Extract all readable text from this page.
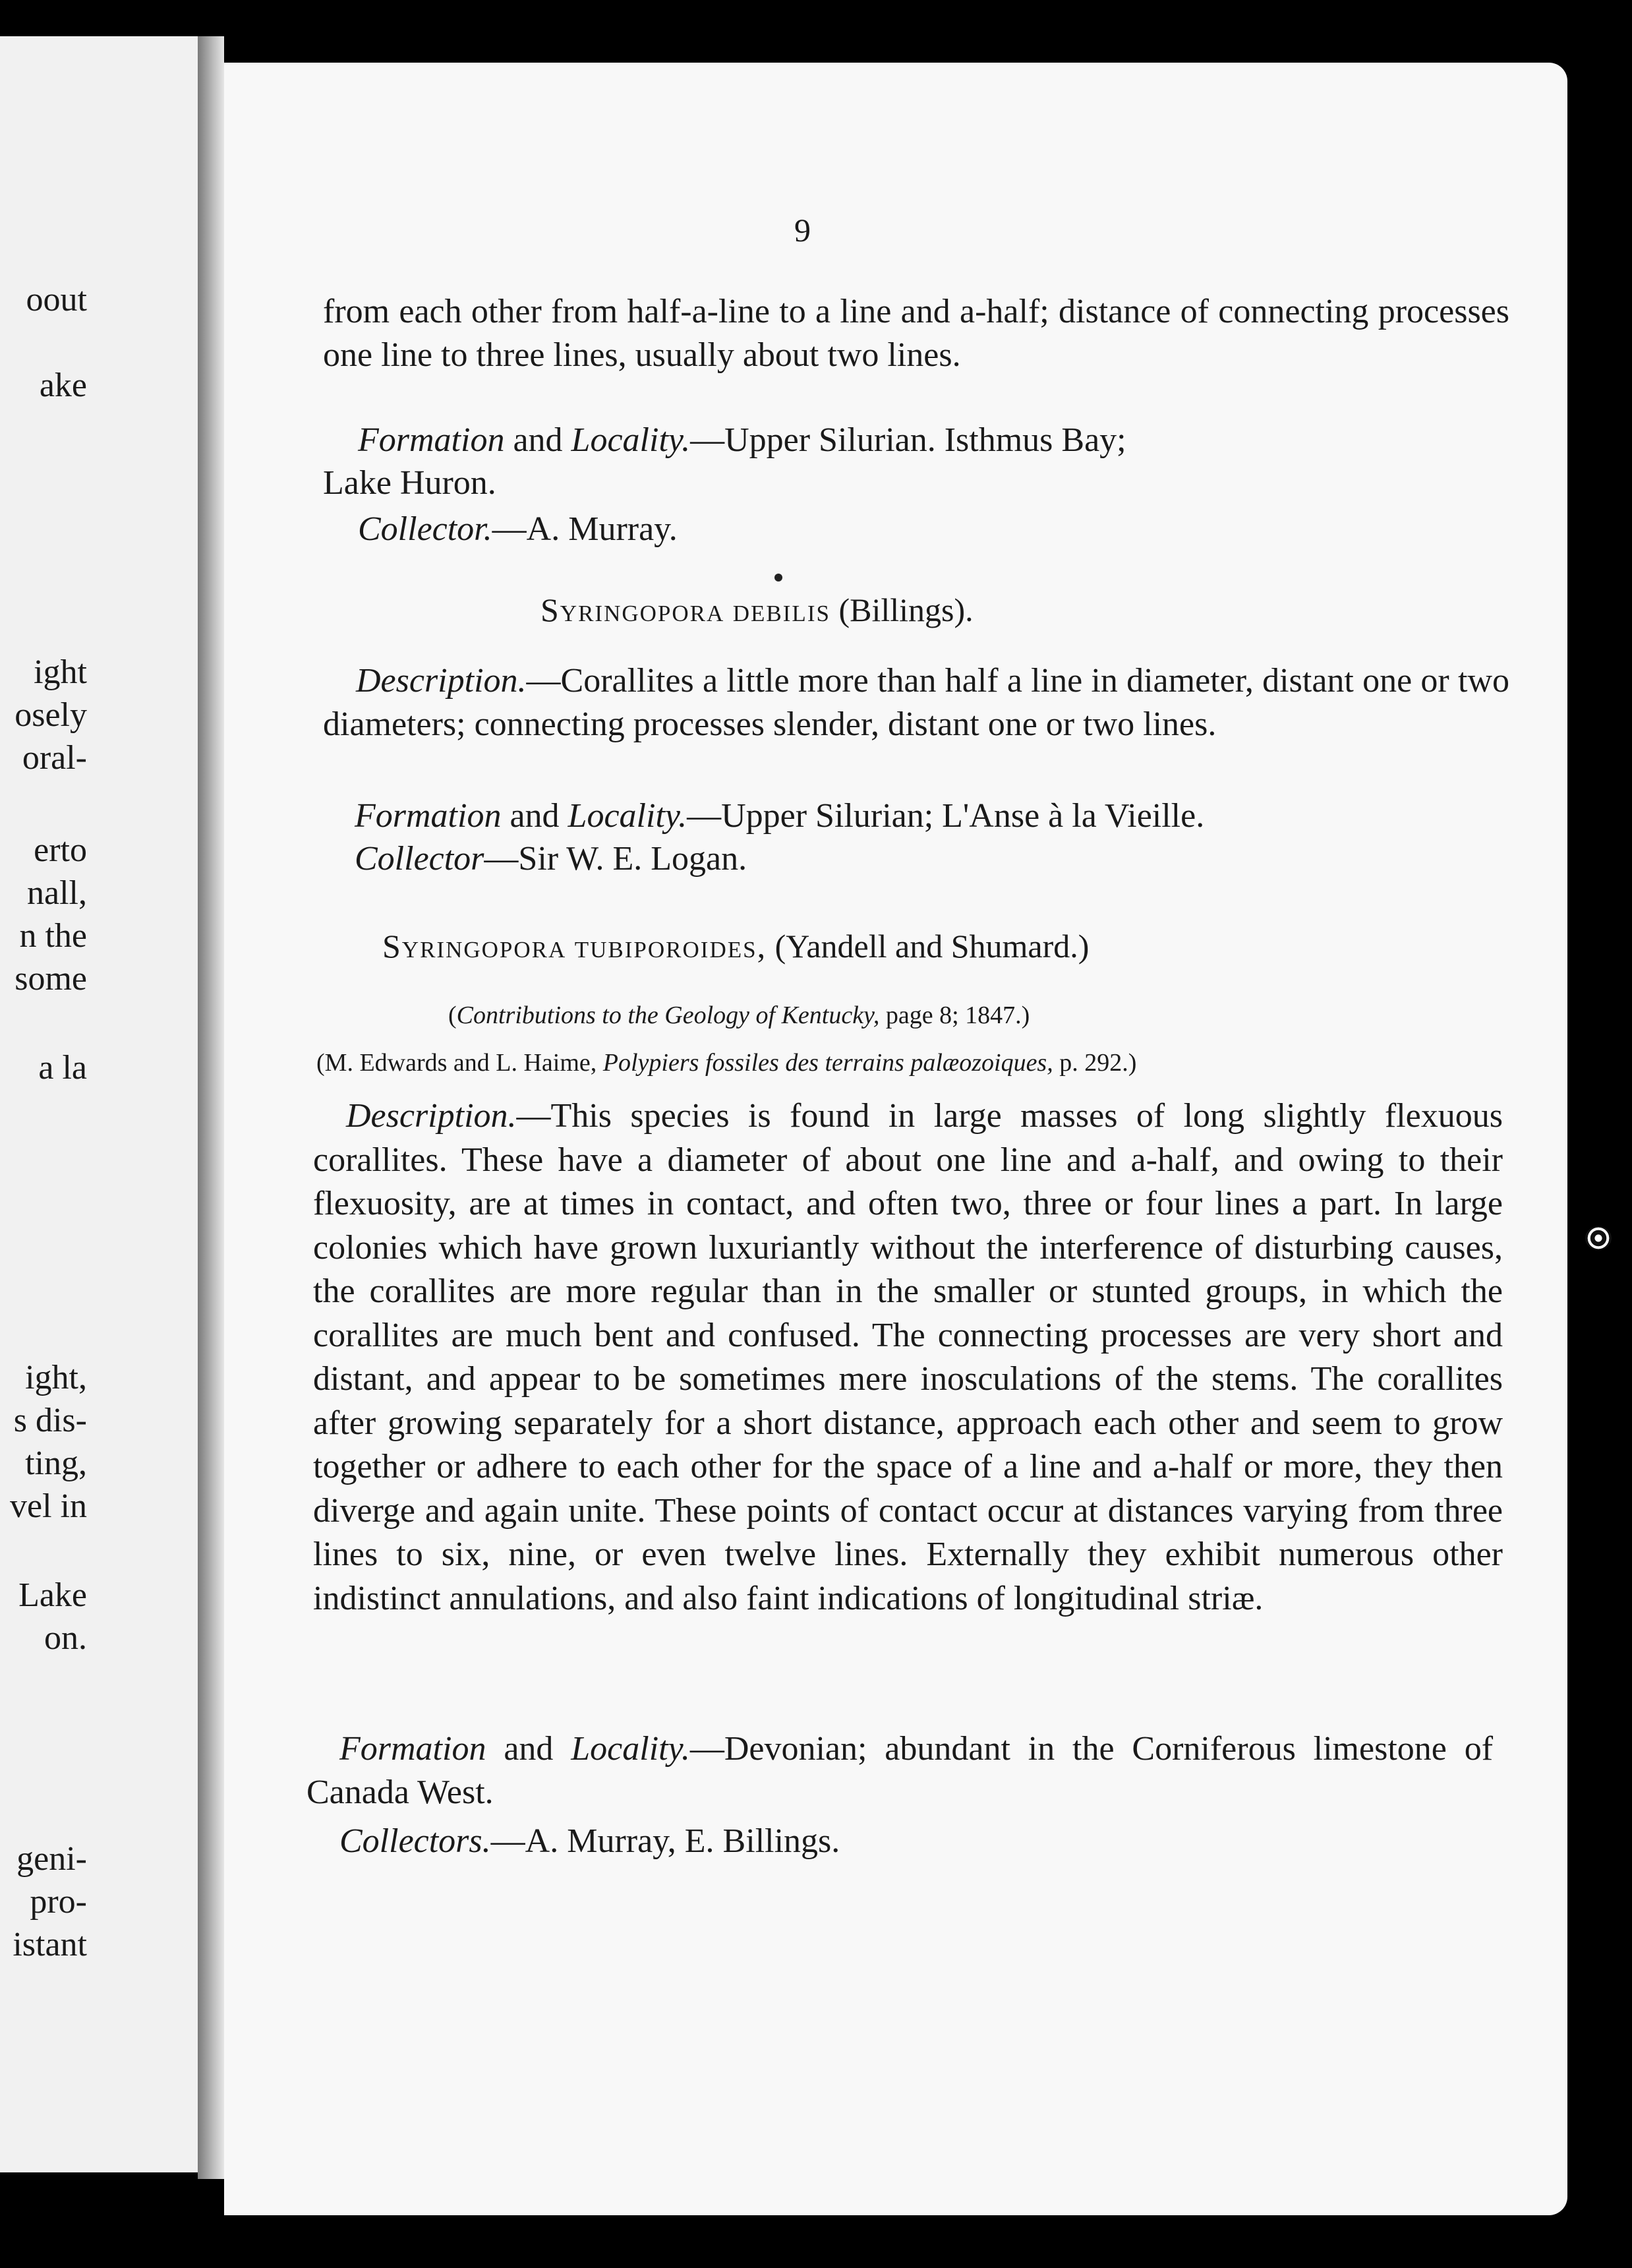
oout
ake
ight
osely
oral-
erto
nall,
n the
some
a la
ight,
s dis-
ting,
vel in
Lake
on.
geni-
pro-
istant
9
from each other from half-a-line to a line and a-half; distance of connecting processes one line to three lines, usually about two lines.
Formation and Locality.—Upper Silurian. Isthmus Bay;
Lake Huron.
Collector.—A. Murray.
Syringopora debilis (Billings).
Description.—Corallites a little more than half a line in diameter, distant one or two diameters; connecting processes slender, distant one or two lines.
Formation and Locality.—Upper Silurian; L'Anse à la Vieille.
Collector—Sir W. E. Logan.
Syringopora tubiporoides, (Yandell and Shumard.)
(Contributions to the Geology of Kentucky, page 8; 1847.)
(M. Edwards and L. Haime, Polypiers fossiles des terrains palæozoiques, p. 292.)
Description.—This species is found in large masses of long slightly flexuous corallites. These have a diameter of about one line and a-half, and owing to their flexuosity, are at times in contact, and often two, three or four lines a part. In large colonies which have grown luxuriantly without the interference of disturbing causes, the corallites are more regular than in the smaller or stunted groups, in which the corallites are much bent and confused. The connecting processes are very short and distant, and appear to be sometimes mere inosculations of the stems. The corallites after growing separately for a short distance, approach each other and seem to grow together or adhere to each other for the space of a line and a-half or more, they then diverge and again unite. These points of contact occur at distances varying from three lines to six, nine, or even twelve lines. Externally they exhibit numerous other indistinct annulations, and also faint indications of longitudinal striæ.
Formation and Locality.—Devonian; abundant in the Corniferous limestone of Canada West.
Collectors.—A. Murray, E. Billings.
